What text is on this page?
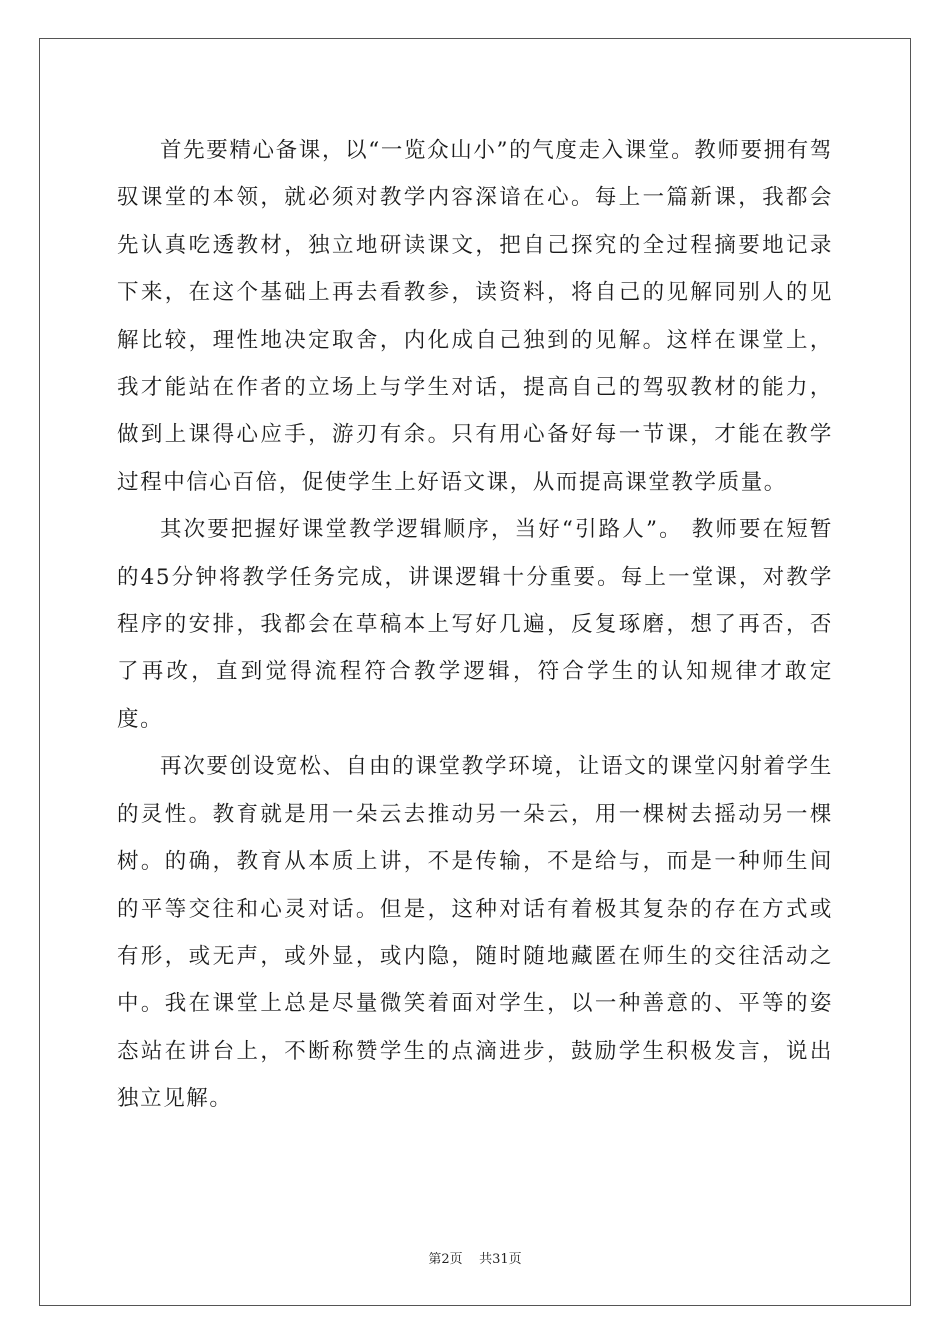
首先要精心备课，以“一览众山小”的气度走入课堂。教师要拥有驾驭课堂的本领，就必须对教学内容深谙在心。每上一篇新课，我都会先认真吃透教材，独立地研读课文，把自己探究的全过程摘要地记录下来，在这个基础上再去看教参，读资料，将自己的见解同别人的见解比较，理性地决定取舍，内化成自己独到的见解。这样在课堂上，我才能站在作者的立场上与学生对话，提高自己的驾驭教材的能力，做到上课得心应手，游刃有余。只有用心备好每一节课，才能在教学过程中信心百倍，促使学生上好语文课，从而提高课堂教学质量。

其次要把握好课堂教学逻辑顺序，当好“引路人”。 教师要在短暂的45分钟将教学任务完成，讲课逻辑十分重要。每上一堂课，对教学程序的安排，我都会在草稿本上写好几遍，反复琢磨，想了再否，否了再改，直到觉得流程符合教学逻辑，符合学生的认知规律才敢定度。

再次要创设宽松、自由的课堂教学环境，让语文的课堂闪射着学生的灵性。教育就是用一朵云去推动另一朵云，用一棵树去摇动另一棵树。的确，教育从本质上讲，不是传输，不是给与，而是一种师生间的平等交往和心灵对话。但是，这种对话有着极其复杂的存在方式或有形，或无声，或外显，或内隐，随时随地藏匿在师生的交往活动之中。我在课堂上总是尽量微笑着面对学生，以一种善意的、平等的姿态站在讲台上，不断称赞学生的点滴进步，鼓励学生积极发言，说出独立见解。

第2页 共31页
